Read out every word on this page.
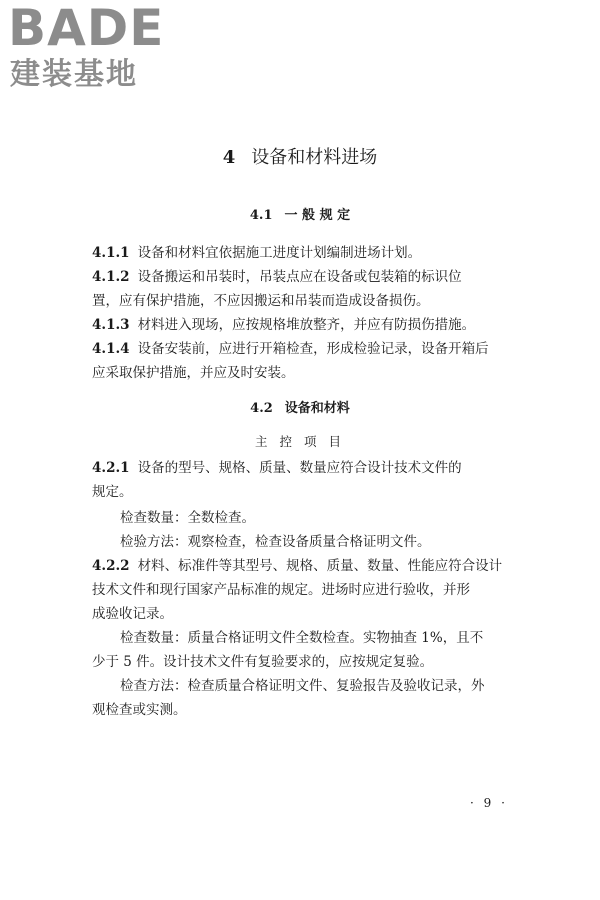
BADE
建装基地
4 设备和材料进场
4.1 一 般 规 定
4.1.1 设备和材料宜依据施工进度计划编制进场计划。
4.1.2 设备搬运和吊装时，吊装点应在设备或包装箱的标识位
置，应有保护措施，不应因搬运和吊装而造成设备损伤。
4.1.3 材料进入现场，应按规格堆放整齐，并应有防损伤措施。
4.1.4 设备安装前，应进行开箱检查，形成检验记录，设备开箱后
应采取保护措施，并应及时安装。
4.2 设备和材料
主 控 项 目
4.2.1 设备的型号、规格、质量、数量应符合设计技术文件的
规定。
检查数量：全数检查。
检验方法：观察检查，检查设备质量合格证明文件。
4.2.2 材料、标准件等其型号、规格、质量、数量、性能应符合设计
技术文件和现行国家产品标准的规定。进场时应进行验收，并形
成验收记录。
检查数量：质量合格证明文件全数检查。实物抽查 1%，且不
少于 5 件。设计技术文件有复验要求的，应按规定复验。
检查方法：检查质量合格证明文件、复验报告及验收记录，外
观检查或实测。
· 9 ·
